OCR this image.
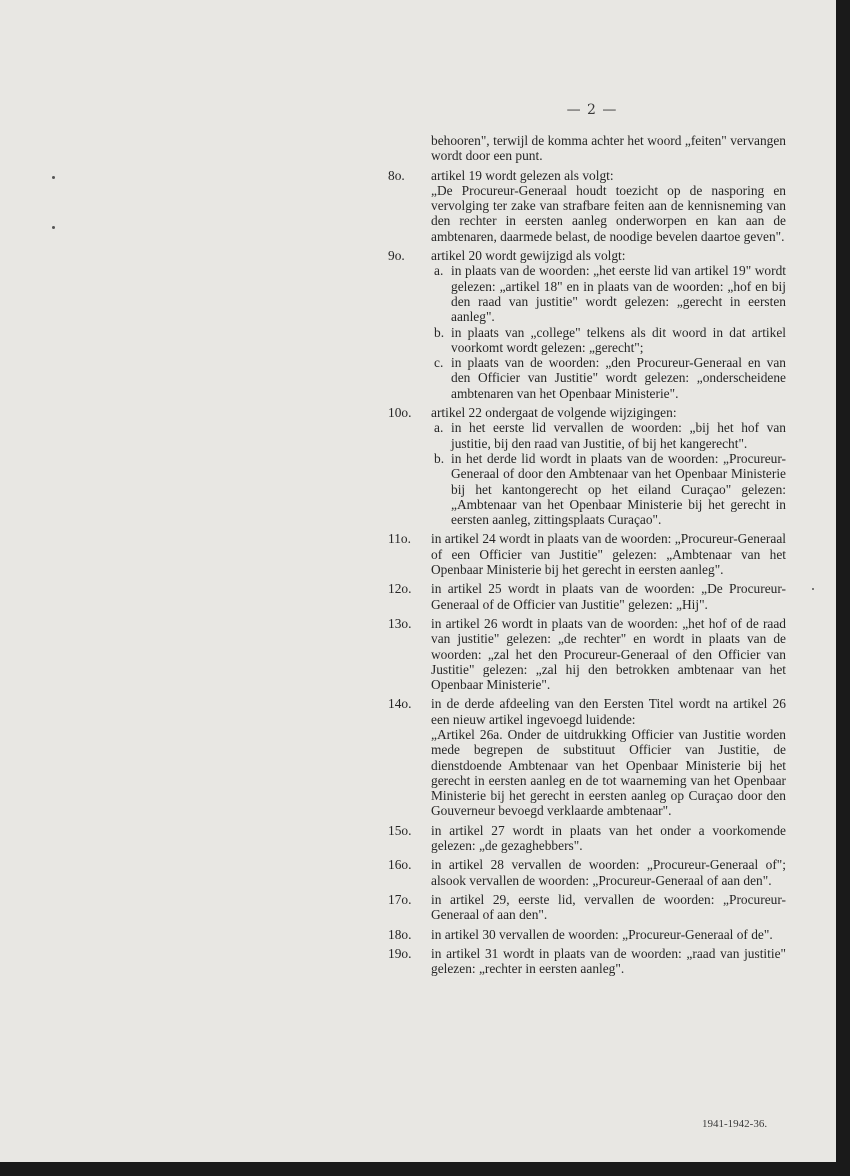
— 2 —
behooren", terwijl de komma achter het woord „feiten" vervangen wordt door een punt.
8o. artikel 19 wordt gelezen als volgt:
„De Procureur-Generaal houdt toezicht op de nasporing en vervolging ter zake van strafbare feiten aan de kennisneming van den rechter in eersten aanleg onderworpen en kan aan de ambtenaren, daarmede belast, de noodige bevelen daartoe geven".
9o. artikel 20 wordt gewijzigd als volgt:
a. in plaats van de woorden: „het eerste lid van artikel 19" wordt gelezen: „artikel 18" en in plaats van de woorden: „hof en bij den raad van justitie" wordt gelezen: „gerecht in eersten aanleg".
b. in plaats van „college" telkens als dit woord in dat artikel voorkomt wordt gelezen: „gerecht";
c. in plaats van de woorden: „den Procureur-Generaal en van den Officier van Justitie" wordt gelezen: „onderscheidene ambtenaren van het Openbaar Ministerie".
10o. artikel 22 ondergaat de volgende wijzigingen:
a. in het eerste lid vervallen de woorden: „bij het hof van justitie, bij den raad van Justitie, of bij het kangerecht".
b. in het derde lid wordt in plaats van de woorden: „Procureur-Generaal of door den Ambtenaar van het Openbaar Ministerie bij het kantongerecht op het eiland Curaçao" gelezen: „Ambtenaar van het Openbaar Ministerie bij het gerecht in eersten aanleg, zittingsplaats Curaçao".
11o. in artikel 24 wordt in plaats van de woorden: „Procureur-Generaal of een Officier van Justitie" gelezen: „Ambtenaar van het Openbaar Ministerie bij het gerecht in eersten aanleg".
12o. in artikel 25 wordt in plaats van de woorden: „De Procureur-Generaal of de Officier van Justitie" gelezen: „Hij".
13o. in artikel 26 wordt in plaats van de woorden: „het hof of de raad van justitie" gelezen: „de rechter" en wordt in plaats van de woorden: „zal het den Procureur-Generaal of den Officier van Justitie" gelezen: „zal hij den betrokken ambtenaar van het Openbaar Ministerie".
14o. in de derde afdeeling van den Eersten Titel wordt na artikel 26 een nieuw artikel ingevoegd luidende:
„Artikel 26a. Onder de uitdrukking Officier van Justitie worden mede begrepen de substituut Officier van Justitie, de dienstdoende Ambtenaar van het Openbaar Ministerie bij het gerecht in eersten aanleg en de tot waarneming van het Openbaar Ministerie bij het gerecht in eersten aanleg op Curaçao door den Gouverneur bevoegd verklaarde ambtenaar".
15o. in artikel 27 wordt in plaats van het onder a voorkomende gelezen: „de gezaghebbers".
16o. in artikel 28 vervallen de woorden: „Procureur-Generaal of"; alsook vervallen de woorden: „Procureur-Generaal of aan den".
17o. in artikel 29, eerste lid, vervallen de woorden: „Procureur-Generaal of aan den".
18o. in artikel 30 vervallen de woorden: „Procureur-Generaal of de".
19o. in artikel 31 wordt in plaats van de woorden: „raad van justitie" gelezen: „rechter in eersten aanleg".
1941-1942-36.
